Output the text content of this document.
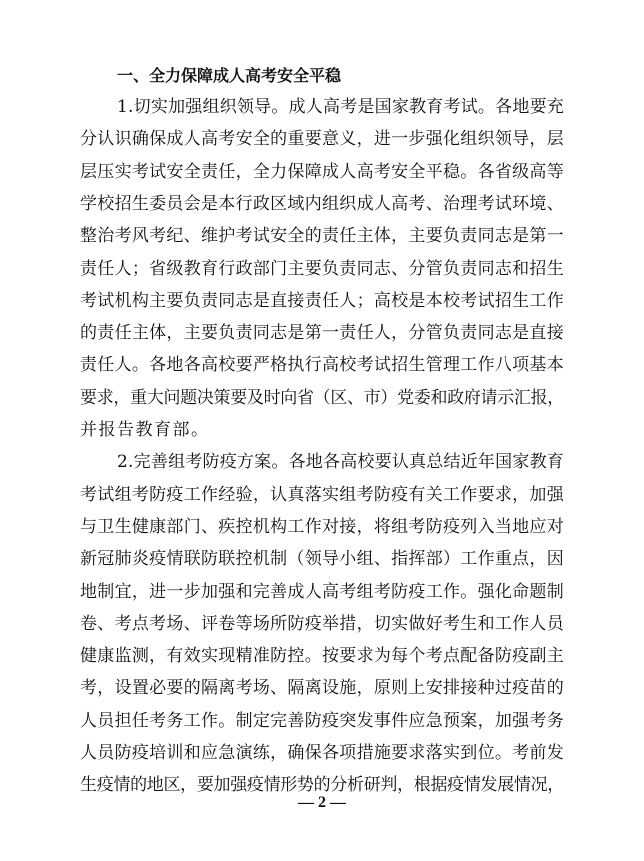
一、全力保障成人高考安全平稳
1.切实加强组织领导。成人高考是国家教育考试。各地要充
分认识确保成人高考安全的重要意义，进一步强化组织领导，层
层压实考试安全责任，全力保障成人高考安全平稳。各省级高等
学校招生委员会是本行政区域内组织成人高考、治理考试环境、
整治考风考纪、维护考试安全的责任主体，主要负责同志是第一
责任人；省级教育行政部门主要负责同志、分管负责同志和招生
考试机构主要负责同志是直接责任人；高校是本校考试招生工作
的责任主体，主要负责同志是第一责任人，分管负责同志是直接
责任人。各地各高校要严格执行高校考试招生管理工作八项基本
要求，重大问题决策要及时向省（区、市）党委和政府请示汇报，
并报告教育部。
2.完善组考防疫方案。各地各高校要认真总结近年国家教育
考试组考防疫工作经验，认真落实组考防疫有关工作要求，加强
与卫生健康部门、疾控机构工作对接，将组考防疫列入当地应对
新冠肺炎疫情联防联控机制（领导小组、指挥部）工作重点，因
地制宜，进一步加强和完善成人高考组考防疫工作。强化命题制
卷、考点考场、评卷等场所防疫举措，切实做好考生和工作人员
健康监测，有效实现精准防控。按要求为每个考点配备防疫副主
考，设置必要的隔离考场、隔离设施，原则上安排接种过疫苗的
人员担任考务工作。制定完善防疫突发事件应急预案，加强考务
人员防疫培训和应急演练，确保各项措施要求落实到位。考前发
生疫情的地区，要加强疫情形势的分析研判，根据疫情发展情况，
— 2 —
